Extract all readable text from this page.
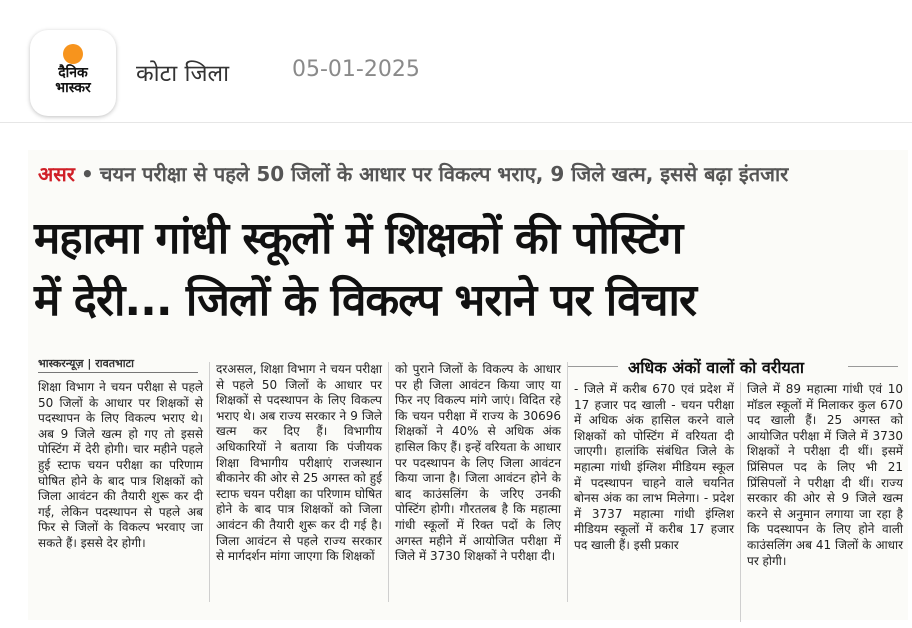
दैनिक
भास्कर
कोटा जिला	05-01-2025
असर • चयन परीक्षा से पहले 50 जिलों के आधार पर विकल्प भराए, 9 जिले खत्म, इससे बढ़ा इंतजार
महात्मा गांधी स्कूलों में शिक्षकों की पोस्टिंग
में देरी... जिलों के विकल्प भराने पर विचार
भास्करन्यूज़ | रावतभाटा	अधिक अंकों वालों को वरीयता
शिक्षा विभाग ने चयन परीक्षा से पहले 50 जिलों के आधार पर शिक्षकों से पदस्थापन के लिए विकल्प भराए थे। अब 9 जिले खत्म हो गए तो इससे पोस्टिंग में देरी होगी। चार महीने पहले हुई स्टाफ चयन परीक्षा का परिणाम घोषित होने के बाद पात्र शिक्षकों को जिला आवंटन की तैयारी शुरू कर दी गई, लेकिन पदस्थापन से पहले अब फिर से जिलों के विकल्प भरवाए जा सकते हैं। इससे देर होगी।
दरअसल, शिक्षा विभाग ने चयन परीक्षा से पहले 50 जिलों के आधार पर शिक्षकों से पदस्थापन के लिए विकल्प भराए थे। अब राज्य सरकार ने 9 जिले खत्म कर दिए हैं। विभागीय अधिकारियों ने बताया कि पंजीयक शिक्षा विभागीय परीक्षाएं राजस्थान बीकानेर की ओर से 25 अगस्त को हुई स्टाफ चयन परीक्षा का परिणाम घोषित होने के बाद पात्र शिक्षकों को जिला आवंटन की तैयारी शुरू कर दी गई है। जिला आवंटन से पहले राज्य सरकार से मार्गदर्शन मांगा जाएगा कि शिक्षकों
को पुराने जिलों के विकल्प के आधार पर ही जिला आवंटन किया जाए या फिर नए विकल्प मांगे जाएं। विदित रहे कि चयन परीक्षा में राज्य के 30696 शिक्षकों ने 40% से अधिक अंक हासिल किए हैं। इन्हें वरियता के आधार पर पदस्थापन के लिए जिला आवंटन किया जाना है। जिला आवंटन होने के बाद काउंसलिंग के जरिए उनकी पोस्टिंग होगी। गौरतलब है कि महात्मा गांधी स्कूलों में रिक्त पदों के लिए अगस्त महीने में आयोजित परीक्षा में जिले में 3730 शिक्षकों ने परीक्षा दी।
- जिले में करीब 670 एवं प्रदेश में 17 हजार पद खाली - चयन परीक्षा में अधिक अंक हासिल करने वाले शिक्षकों को पोस्टिंग में वरियता दी जाएगी। हालांकि संबंधित जिले के महात्मा गांधी इंग्लिश मीडियम स्कूल में पदस्थापन चाहने वाले चयनित बोनस अंक का लाभ मिलेगा। - प्रदेश में 3737 महात्मा गांधी इंग्लिश मीडियम स्कूलों में करीब 17 हजार पद खाली हैं। इसी प्रकार
जिले में 89 महात्मा गांधी एवं 10 मॉडल स्कूलों में मिलाकर कुल 670 पद खाली हैं। 25 अगस्त को आयोजित परीक्षा में जिले में 3730 शिक्षकों ने परीक्षा दी थीं। इसमें प्रिंसिपल पद के लिए भी 21 प्रिंसिपलों ने परीक्षा दी थीं। राज्य सरकार की ओर से 9 जिले खत्म करने से अनुमान लगाया जा रहा है कि पदस्थापन के लिए होने वाली काउंसलिंग अब 41 जिलों के आधार पर होगी।
